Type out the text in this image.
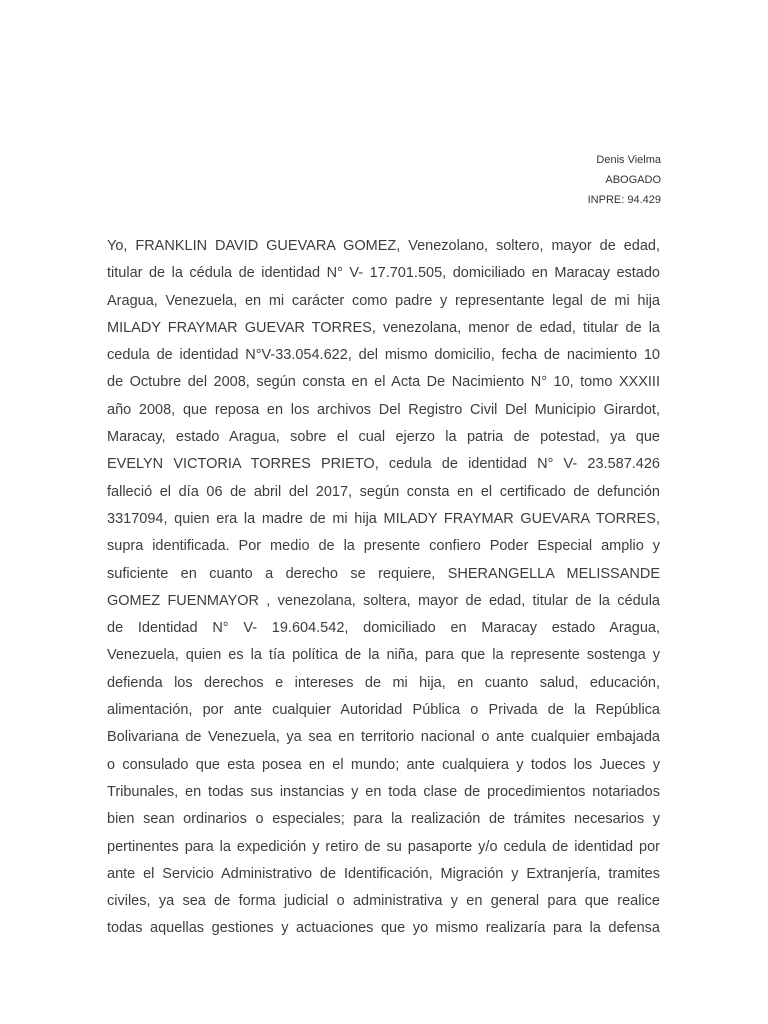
Denis Vielma
ABOGADO
INPRE: 94.429
Yo, FRANKLIN DAVID GUEVARA GOMEZ, Venezolano, soltero, mayor de edad,
titular de la cédula de identidad N° V- 17.701.505, domiciliado en Maracay estado
Aragua, Venezuela, en mi carácter como padre y representante legal de mi hija
MILADY FRAYMAR GUEVAR TORRES, venezolana, menor de edad, titular de la
cedula de identidad N°V-33.054.622, del mismo domicilio, fecha de nacimiento 10
de Octubre del 2008, según consta en el Acta De Nacimiento N° 10, tomo XXXIII
año 2008, que reposa en los archivos Del Registro Civil Del Municipio Girardot,
Maracay, estado Aragua, sobre el cual ejerzo la patria de potestad, ya que
EVELYN VICTORIA TORRES PRIETO, cedula de identidad N° V- 23.587.426
falleció el día 06 de abril del 2017, según consta en el certificado de defunción
3317094, quien era la madre de mi hija MILADY FRAYMAR GUEVARA TORRES,
supra identificada. Por medio de la presente confiero Poder Especial amplio y
suficiente en cuanto a derecho se requiere, SHERANGELLA MELISSANDE
GOMEZ FUENMAYOR , venezolana, soltera, mayor de edad, titular de la cédula
de Identidad N° V- 19.604.542, domiciliado en Maracay estado Aragua,
Venezuela, quien es la tía política de la niña, para que la represente sostenga y
defienda los derechos e intereses de mi hija, en cuanto salud, educación,
alimentación, por ante cualquier Autoridad Pública o Privada de la República
Bolivariana de Venezuela, ya sea en territorio nacional o ante cualquier embajada
o consulado que esta posea en el mundo; ante cualquiera y todos los Jueces y
Tribunales, en todas sus instancias y en toda clase de procedimientos notariados
bien sean ordinarios o especiales; para la realización de trámites necesarios y
pertinentes para la expedición y retiro de su pasaporte y/o cedula de identidad por
ante el Servicio Administrativo de Identificación, Migración y Extranjería, tramites
civiles, ya sea de forma judicial o administrativa y en general para que realice
todas aquellas gestiones y actuaciones que yo mismo realizaría para la defensa
